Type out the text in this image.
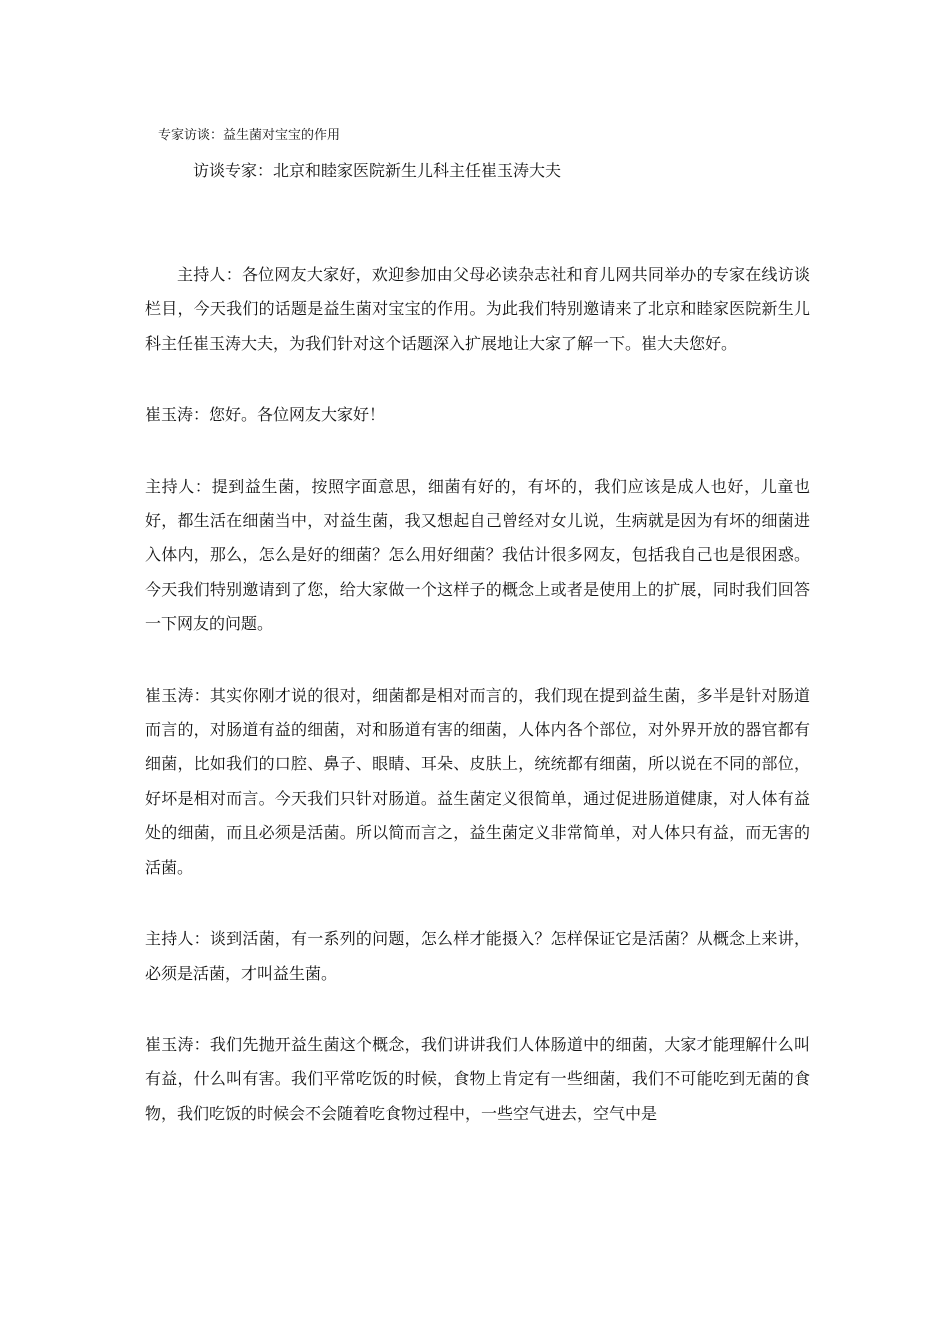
专家访谈：益生菌对宝宝的作用
访谈专家：北京和睦家医院新生儿科主任崔玉涛大夫

主持人：各位网友大家好，欢迎参加由父母必读杂志社和育儿网共同举办的专家在线访谈栏目，今天我们的话题是益生菌对宝宝的作用。为此我们特别邀请来了北京和睦家医院新生儿科主任崔玉涛大夫，为我们针对这个话题深入扩展地让大家了解一下。崔大夫您好。

崔玉涛：您好。各位网友大家好！

主持人：提到益生菌，按照字面意思，细菌有好的，有坏的，我们应该是成人也好，儿童也好，都生活在细菌当中，对益生菌，我又想起自己曾经对女儿说，生病就是因为有坏的细菌进入体内，那么，怎么是好的细菌？怎么用好细菌？我估计很多网友，包括我自己也是很困惑。今天我们特别邀请到了您，给大家做一个这样子的概念上或者是使用上的扩展，同时我们回答一下网友的问题。

崔玉涛：其实你刚才说的很对，细菌都是相对而言的，我们现在提到益生菌，多半是针对肠道而言的，对肠道有益的细菌，对和肠道有害的细菌，人体内各个部位，对外界开放的器官都有细菌，比如我们的口腔、鼻子、眼睛、耳朵、皮肤上，统统都有细菌，所以说在不同的部位，好坏是相对而言。今天我们只针对肠道。益生菌定义很简单，通过促进肠道健康，对人体有益处的细菌，而且必须是活菌。所以简而言之，益生菌定义非常简单，对人体只有益，而无害的活菌。

主持人：谈到活菌，有一系列的问题，怎么样才能摄入？怎样保证它是活菌？从概念上来讲，必须是活菌，才叫益生菌。

崔玉涛：我们先抛开益生菌这个概念，我们讲讲我们人体肠道中的细菌，大家才能理解什么叫有益，什么叫有害。我们平常吃饭的时候，食物上肯定有一些细菌，我们不可能吃到无菌的食物，我们吃饭的时候会不会随着吃食物过程中，一些空气进去，空气中是
